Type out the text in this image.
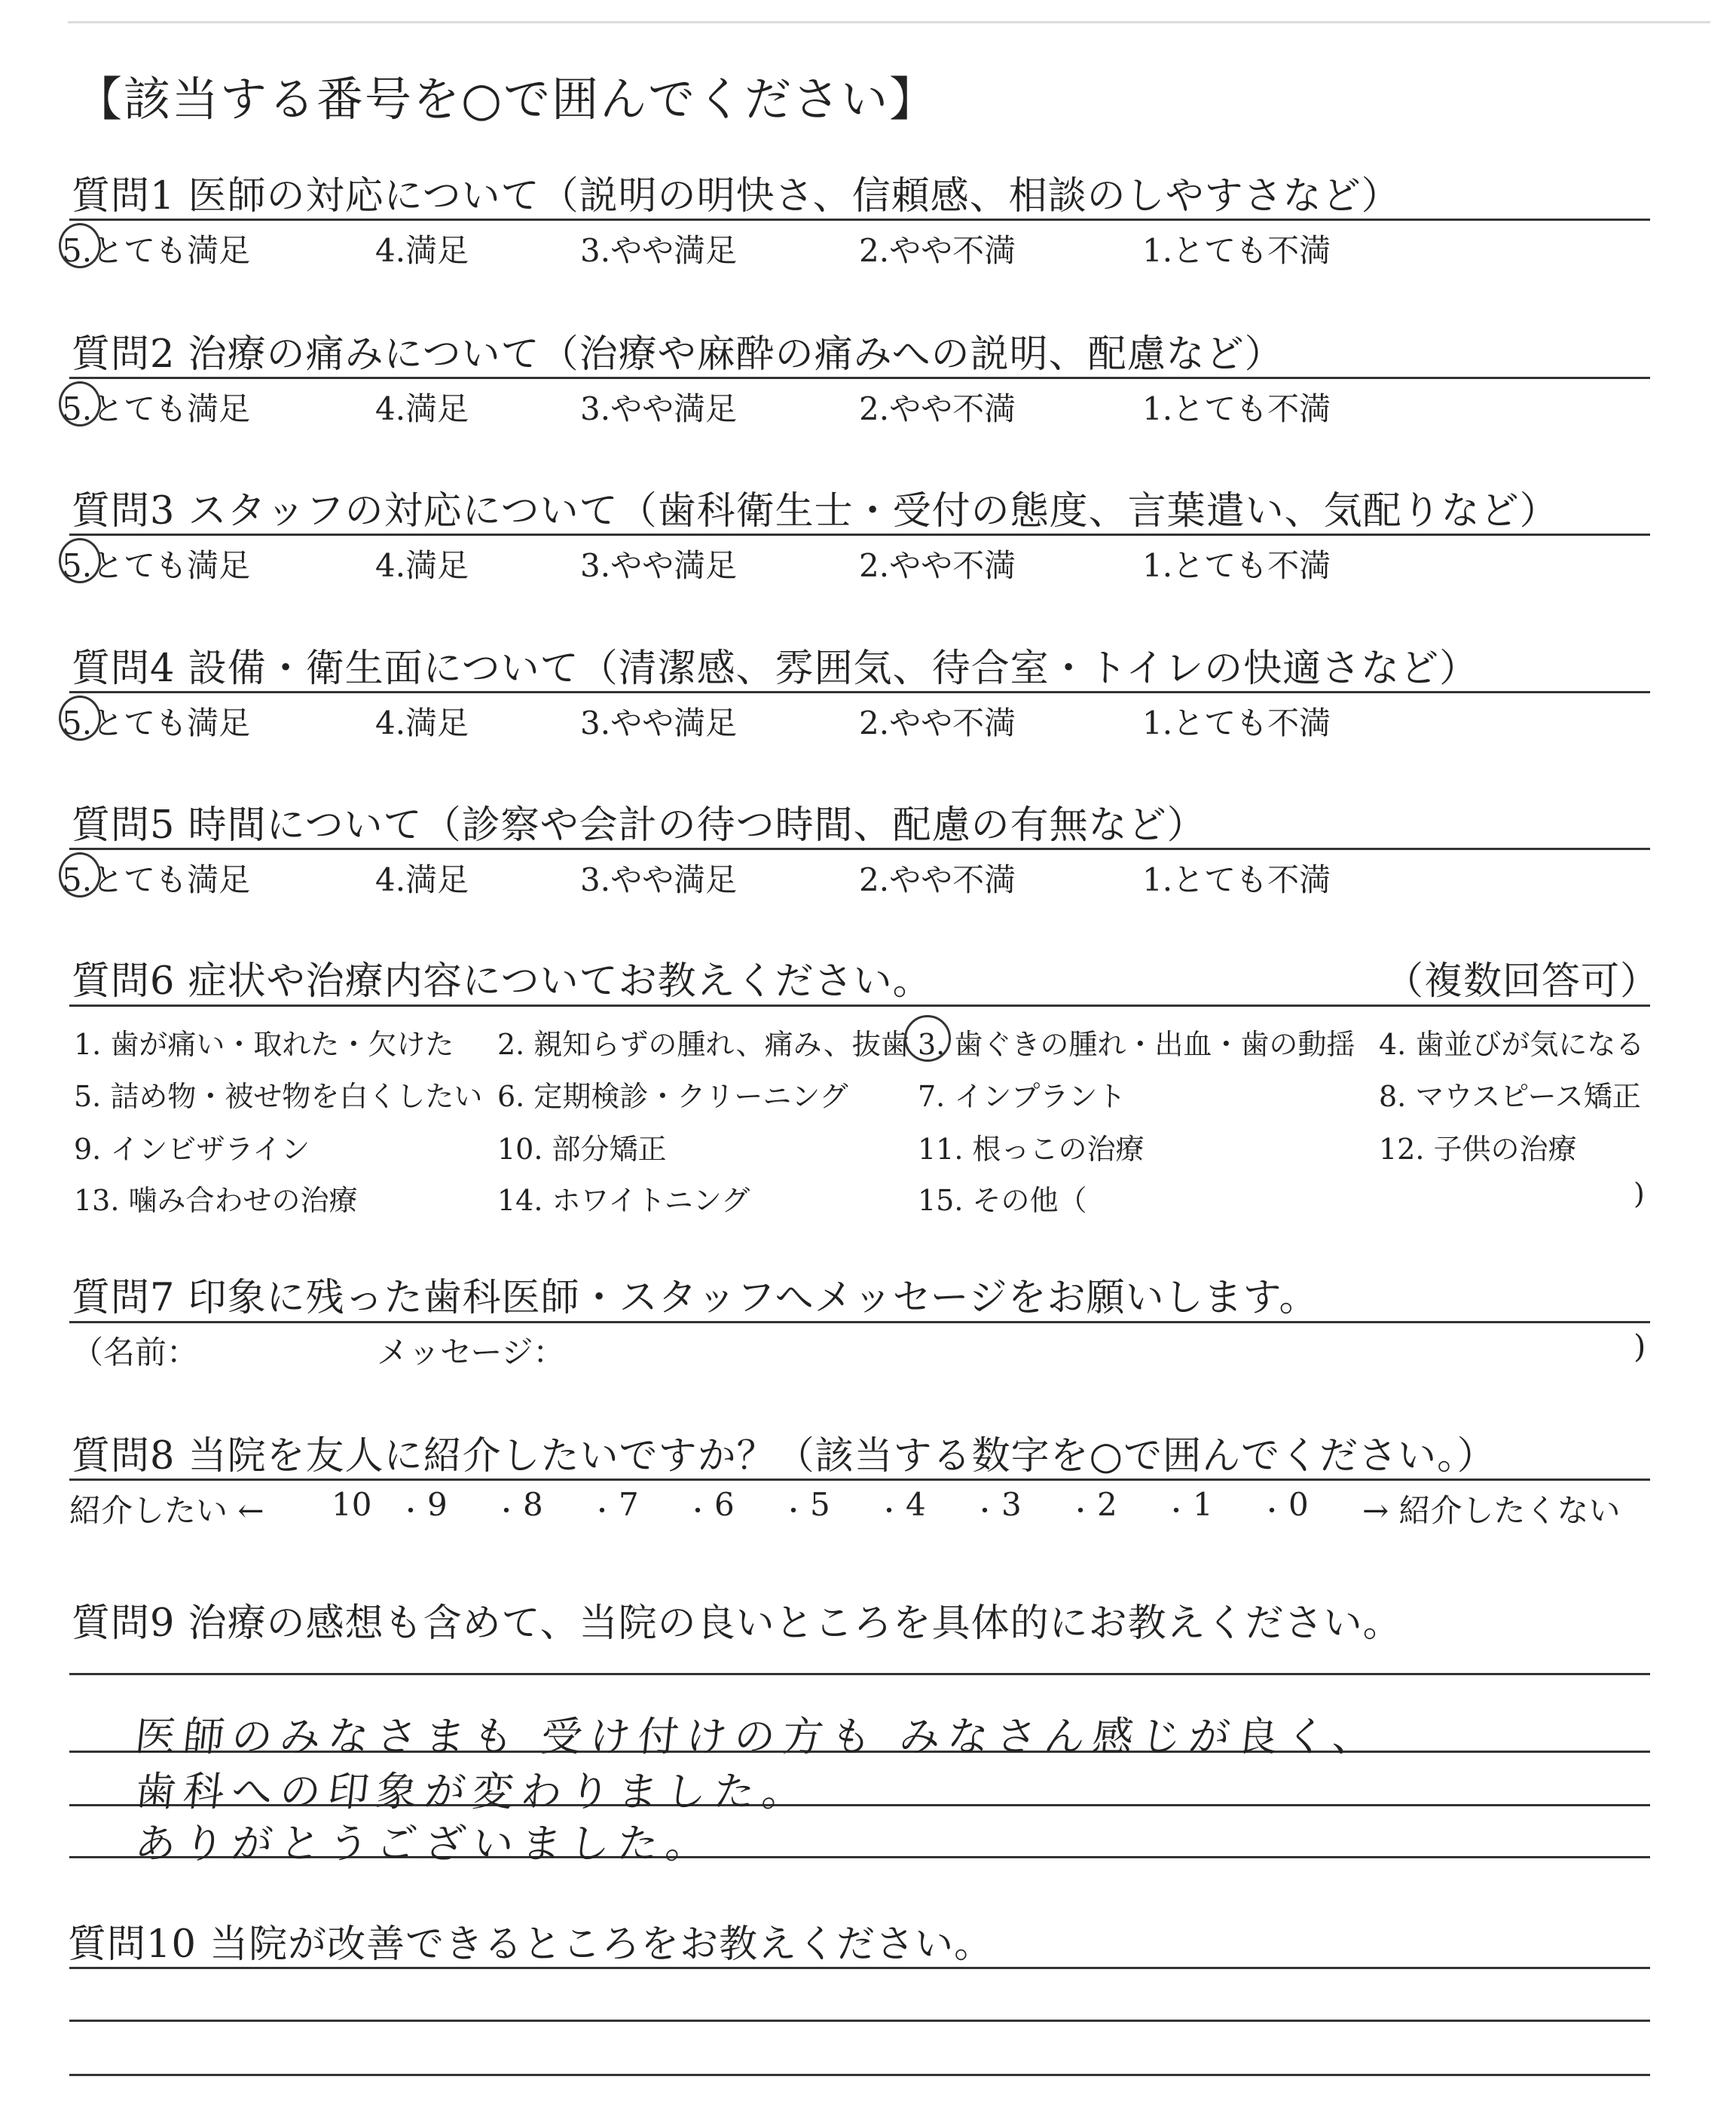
【該当する番号を○で囲んでください】
質問1 医師の対応について（説明の明快さ、信頼感、相談のしやすさなど）
5.とても満足	4.満足	3.やや満足	2.やや不満	1.とても不満
質問2 治療の痛みについて（治療や麻酔の痛みへの説明、配慮など）
5.とても満足	4.満足	3.やや満足	2.やや不満	1.とても不満
質問3 スタッフの対応について（歯科衛生士・受付の態度、言葉遣い、気配りなど）
5.とても満足	4.満足	3.やや満足	2.やや不満	1.とても不満
質問4 設備・衛生面について（清潔感、雰囲気、待合室・トイレの快適さなど）
5.とても満足	4.満足	3.やや満足	2.やや不満	1.とても不満
質問5 時間について（診察や会計の待つ時間、配慮の有無など）
5.とても満足	4.満足	3.やや満足	2.やや不満	1.とても不満
質問6 症状や治療内容についてお教えください。	（複数回答可）
1. 歯が痛い・取れた・欠けた 2. 親知らずの腫れ、痛み、抜歯 3. 歯ぐきの腫れ・出血・歯の動揺 4. 歯並びが気になる
5. 詰め物・被せ物を白くしたい 6. 定期検診・クリーニング 7. インプラント	8. マウスピース矯正
9. インビザライン	10. 部分矯正	11. 根っこの治療	12. 子供の治療
13. 噛み合わせの治療	14. ホワイトニング	15. その他（	)
質問7 印象に残った歯科医師・スタッフへメッセージをお願いします。
（名前：	メッセージ：	)
質問8 当院を友人に紹介したいですか？（該当する数字を○で囲んでください。）
紹介したい ← 10 ・ 9 ・ 8 ・ 7 ・ 6 ・ 5 ・ 4 ・ 3 ・ 2 ・ 1 ・ 0 → 紹介したくない
質問9 治療の感想も含めて、当院の良いところを具体的にお教えください。
医師のみなさまも 受け付けの方も みなさん感じが良く、
歯科への印象が変わりました。
ありがとうございました。
質問10 当院が改善できるところをお教えください。
